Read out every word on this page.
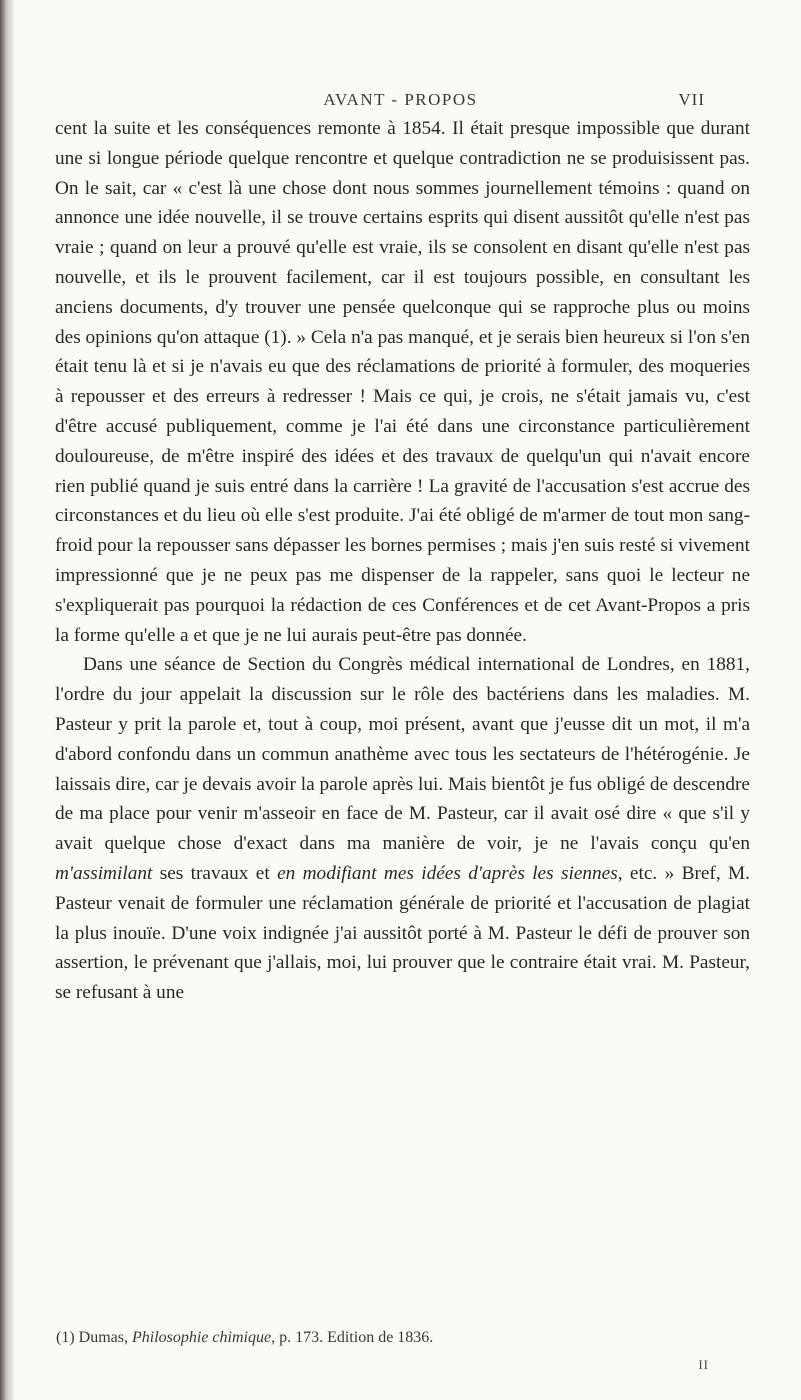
AVANT - PROPOS	VII

cent la suite et les conséquences remonte à 1854. Il était presque impossible que durant une si longue période quelque rencontre et quelque contradiction ne se produisissent pas. On le sait, car « c'est là une chose dont nous sommes journellement témoins : quand on annonce une idée nouvelle, il se trouve certains esprits qui disent aussitôt qu'elle n'est pas vraie ; quand on leur a prouvé qu'elle est vraie, ils se consolent en disant qu'elle n'est pas nouvelle, et ils le prouvent facilement, car il est toujours possible, en consultant les anciens documents, d'y trouver une pensée quelconque qui se rapproche plus ou moins des opinions qu'on attaque (1). » Cela n'a pas manqué, et je serais bien heureux si l'on s'en était tenu là et si je n'avais eu que des réclamations de priorité à formuler, des moqueries à repousser et des erreurs à redresser ! Mais ce qui, je crois, ne s'était jamais vu, c'est d'être accusé publiquement, comme je l'ai été dans une circonstance particulièrement douloureuse, de m'être inspiré des idées et des travaux de quelqu'un qui n'avait encore rien publié quand je suis entré dans la carrière ! La gravité de l'accusation s'est accrue des circonstances et du lieu où elle s'est produite. J'ai été obligé de m'armer de tout mon sang-froid pour la repousser sans dépasser les bornes permises ; mais j'en suis resté si vivement impressionné que je ne peux pas me dispenser de la rappeler, sans quoi le lecteur ne s'expliquerait pas pourquoi la rédaction de ces Conférences et de cet Avant-Propos a pris la forme qu'elle a et que je ne lui aurais peut-être pas donnée.

Dans une séance de Section du Congrès médical international de Londres, en 1881, l'ordre du jour appelait la discussion sur le rôle des bactériens dans les maladies. M. Pasteur y prit la parole et, tout à coup, moi présent, avant que j'eusse dit un mot, il m'a d'abord confondu dans un commun anathème avec tous les sectateurs de l'hétérogénie. Je laissais dire, car je devais avoir la parole après lui. Mais bientôt je fus obligé de descendre de ma place pour venir m'asseoir en face de M. Pasteur, car il avait osé dire « que s'il y avait quelque chose d'exact dans ma manière de voir, je ne l'avais conçu qu'en m'assimilant ses travaux et en modifiant mes idées d'après les siennes, etc. » Bref, M. Pasteur venait de formuler une réclamation générale de priorité et l'accusation de plagiat la plus inouïe. D'une voix indignée j'ai aussitôt porté à M. Pasteur le défi de prouver son assertion, le prévenant que j'allais, moi, lui prouver que le contraire était vrai. M. Pasteur, se refusant à une

(1) Dumas, Philosophie chimique, p. 173. Edition de 1836.
II
